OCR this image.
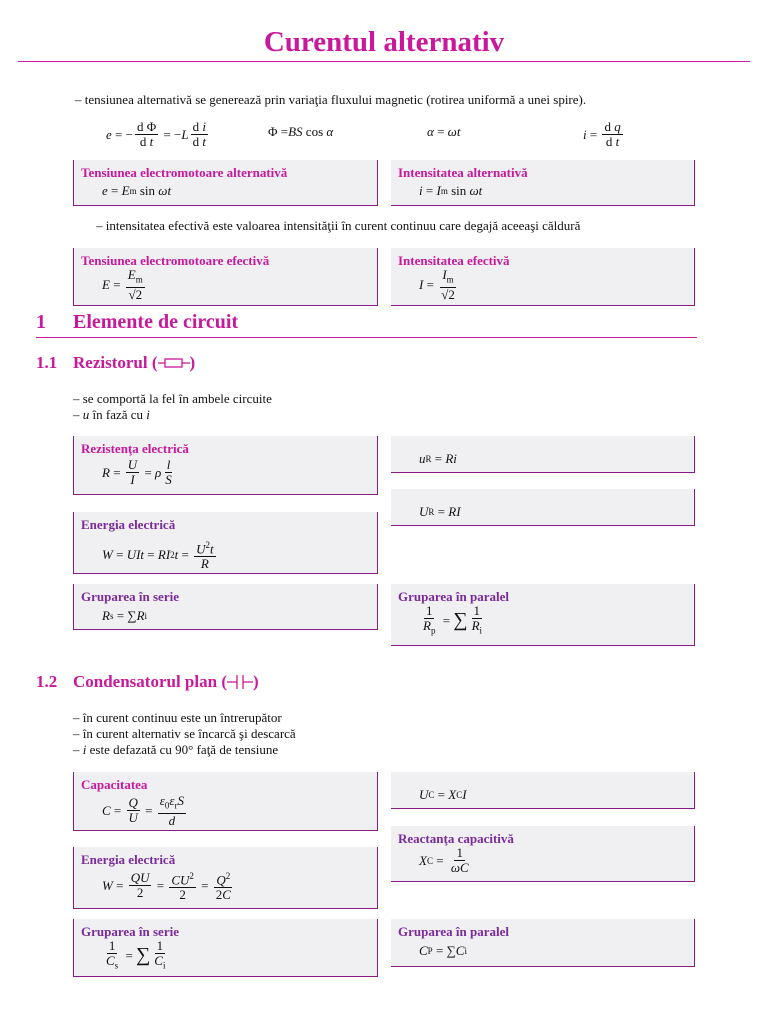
Curentul alternativ
– tensiunea alternativă se generează prin variaţia fluxului magnetic (rotirea uniformă a unei spire).
e = − $\frac{\text{d Φ}}{\text{d t}}$ = − L $\frac{\text{d i}}{\text{d t}}$	Φ = BS cos α	α = ωt	$i = \frac{\text{d q}}{\text{d t}}$
Tensiunea electromotoare alternativă
e = E m sin ωt
Intensitatea alternativă
i = I m sin ωt
– intensitatea efectivă este valoarea intensităţii în curent continuu care degajă aceeaşi căldură
Tensiunea electromotoare efectivă
$E = \frac{E_m}{√2}$
Intensitatea efectivă
$I = \frac{I_m}{√2}$
1 Elemente de circuit
1.1 Rezistorul ( )
– se comportă la fel în ambele circuite
– u în fază cu i
Rezistenţa electrică
$R = \frac{U}{I} = \rho \frac{l}{S}$	u R = Ri
U R = RI
Energia electrică
W = UIt = RI 2 $t = \frac{U^2t}{R}$
Gruparea în serie
R s = ∑ R i
Gruparea în paralel
$\frac{1}{R_p}$ = ∑ $\frac{1}{R_i}$
1.2 Condensatorul plan ( )
– în curent continuu este un întrerupător
– în curent alternativ se încarcă şi descarcă
– i este defazată cu 90° faţă de tensiune
Capacitatea
$C = \frac{Q}{U} = \frac{\varepsilon_0\varepsilon_rS}{d}$	U C = X C I
Reactanţa capacitivă
X $C = \frac{1}{\omega C}$
Energia electrică
$W = \frac{QU}{2} = \frac{CU^2}{2} = \frac{Q^2}{2C}$
Gruparea în serie
$\frac{1}{C_s}$ = ∑ $\frac{1}{C_i}$
Gruparea în paralel
C P = ∑ C i
